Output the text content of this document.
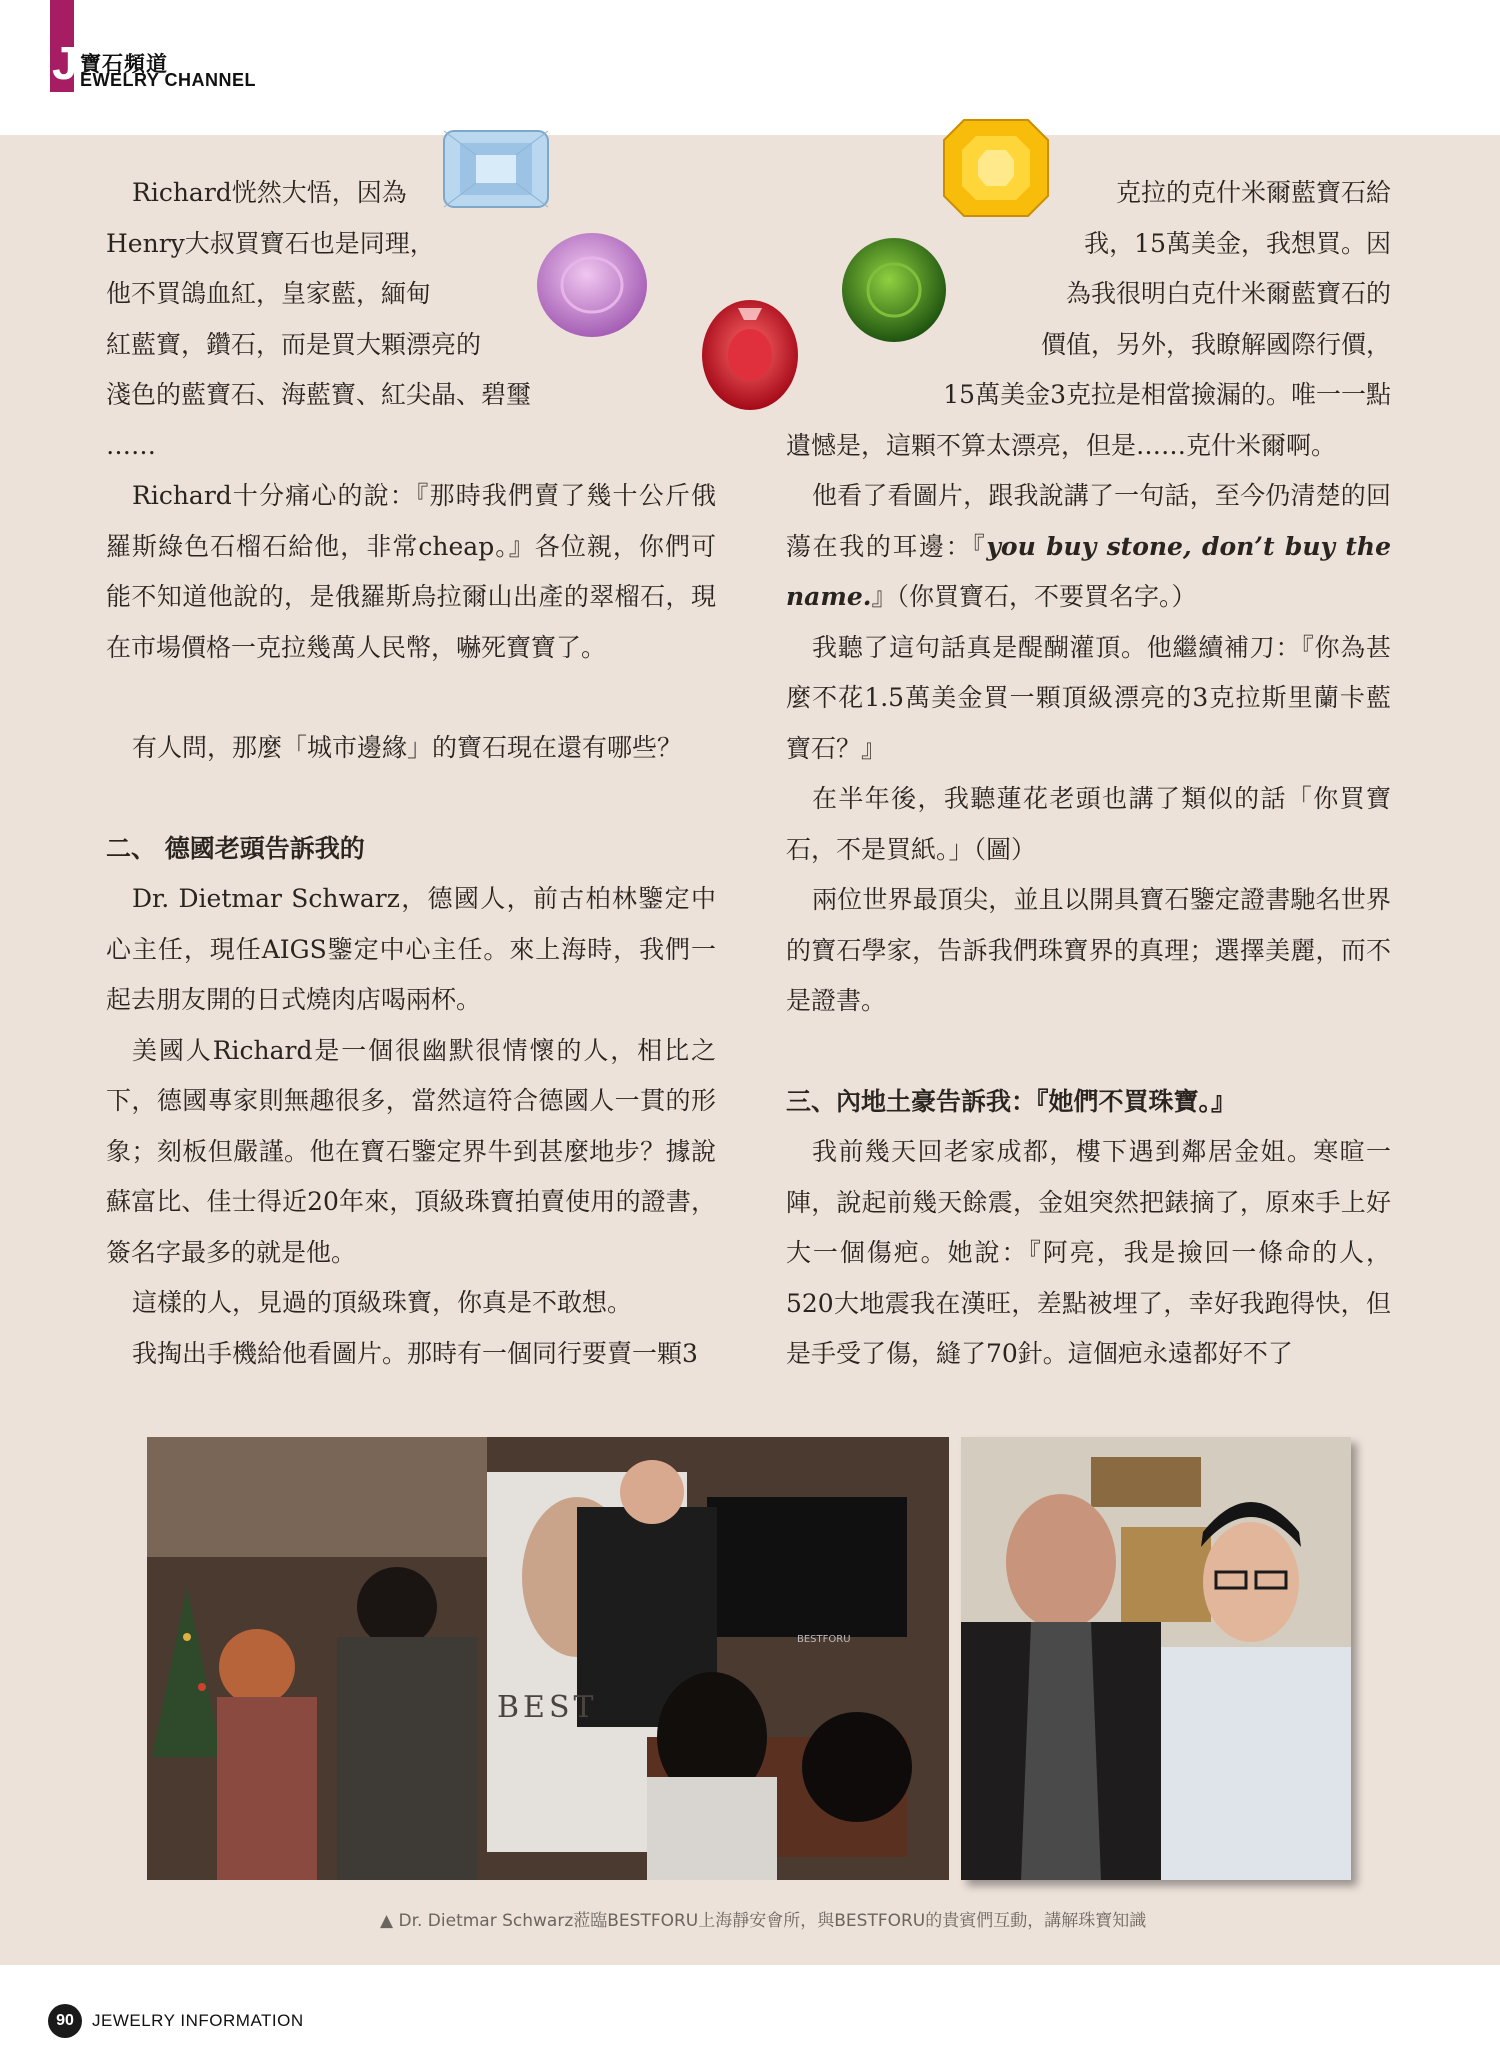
J 寶石頻道
EWELRY CHANNEL

Richard恍然大悟，因為

Henry大叔買寶石也是同理，

他不買鴿血紅，皇家藍，緬甸

紅藍寶，鑽石，而是買大顆漂亮的

淺色的藍寶石、海藍寶、紅尖晶、碧璽

……

Richard十分痛心的說：『那時我們賣了幾十公斤俄羅斯綠色石榴石給他，非常cheap。』各位親，你們可能不知道他說的，是俄羅斯烏拉爾山出產的翠榴石，現在市場價格一克拉幾萬人民幣，嚇死寶寶了。

有人問，那麼「城市邊緣」的寶石現在還有哪些？

二、 德國老頭告訴我的

Dr. Dietmar Schwarz，德國人，前古柏林鑒定中心主任，現任AIGS鑒定中心主任。來上海時，我們一起去朋友開的日式燒肉店喝兩杯。

美國人Richard是一個很幽默很情懷的人，相比之下，德國專家則無趣很多，當然這符合德國人一貫的形象；刻板但嚴謹。他在寶石鑒定界牛到甚麼地步？據說蘇富比、佳士得近20年來，頂級珠寶拍賣使用的證書，簽名字最多的就是他。

這樣的人，見過的頂級珠寶，你真是不敢想。

我掏出手機給他看圖片。那時有一個同行要賣一顆3

克拉的克什米爾藍寶石給

我，15萬美金，我想買。因

為我很明白克什米爾藍寶石的

價值，另外，我瞭解國際行價，

15萬美金3克拉是相當撿漏的。唯一一點

遺憾是，這顆不算太漂亮，但是……克什米爾啊。

他看了看圖片，跟我說講了一句話，至今仍清楚的回蕩在我的耳邊：『you buy stone, don’t buy the name.』（你買寶石，不要買名字。）

我聽了這句話真是醍醐灌頂。他繼續補刀：『你為甚麼不花1.5萬美金買一顆頂級漂亮的3克拉斯里蘭卡藍寶石？』

在半年後，我聽蓮花老頭也講了類似的話「你買寶石，不是買紙。」（圖）

兩位世界最頂尖，並且以開具寶石鑒定證書馳名世界的寶石學家，告訴我們珠寶界的真理；選擇美麗，而不是證書。

三、內地土豪告訴我：『她們不買珠寶。』

我前幾天回老家成都，樓下遇到鄰居金姐。寒暄一陣，說起前幾天餘震，金姐突然把錶摘了，原來手上好大一個傷疤。她說：『阿亮，我是撿回一條命的人，520大地震我在漢旺，差點被埋了，幸好我跑得快，但是手受了傷，縫了70針。這個疤永遠都好不了

BEST
BESTFORU
▲ Dr. Dietmar Schwarz蒞臨BESTFORU上海靜安會所，與BESTFORU的貴賓們互動，講解珠寶知識
90	JEWELRY INFORMATION
